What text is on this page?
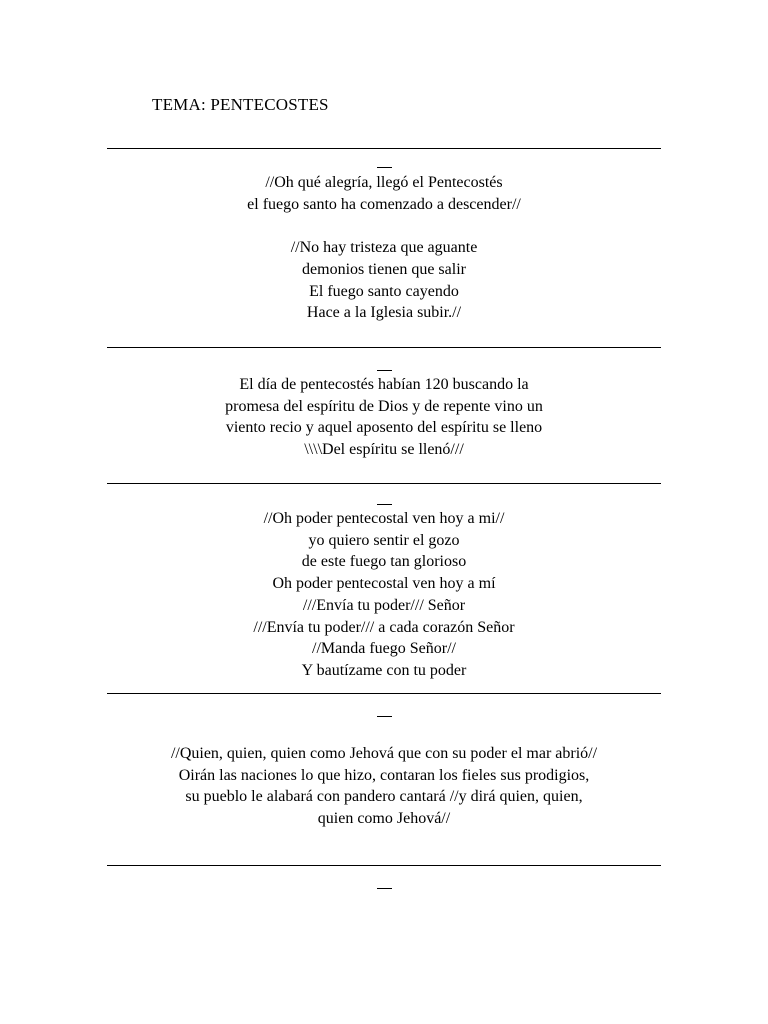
TEMA: PENTECOSTES
//Oh qué alegría, llegó el Pentecostés
el fuego santo ha comenzado a descender//
//No hay tristeza que aguante
demonios tienen que salir
El fuego santo cayendo
Hace a la Iglesia subir.//
El día de pentecostés habían 120 buscando la
promesa del espíritu de Dios y de repente vino un
viento recio y aquel aposento del espíritu se lleno
\\\\Del espíritu se llenó///
//Oh poder pentecostal ven hoy a mi//
yo quiero sentir el gozo
de este fuego tan glorioso
Oh poder pentecostal ven hoy a mí
///Envía tu poder/// Señor
///Envía tu poder/// a cada corazón Señor
//Manda fuego Señor//
Y bautízame con tu poder
//Quien, quien, quien como Jehová que con su poder el mar abrió//
Oirán las naciones lo que hizo, contaran los fieles sus prodigios,
su pueblo le alabará con pandero cantará //y dirá quien, quien,
quien como Jehová//
